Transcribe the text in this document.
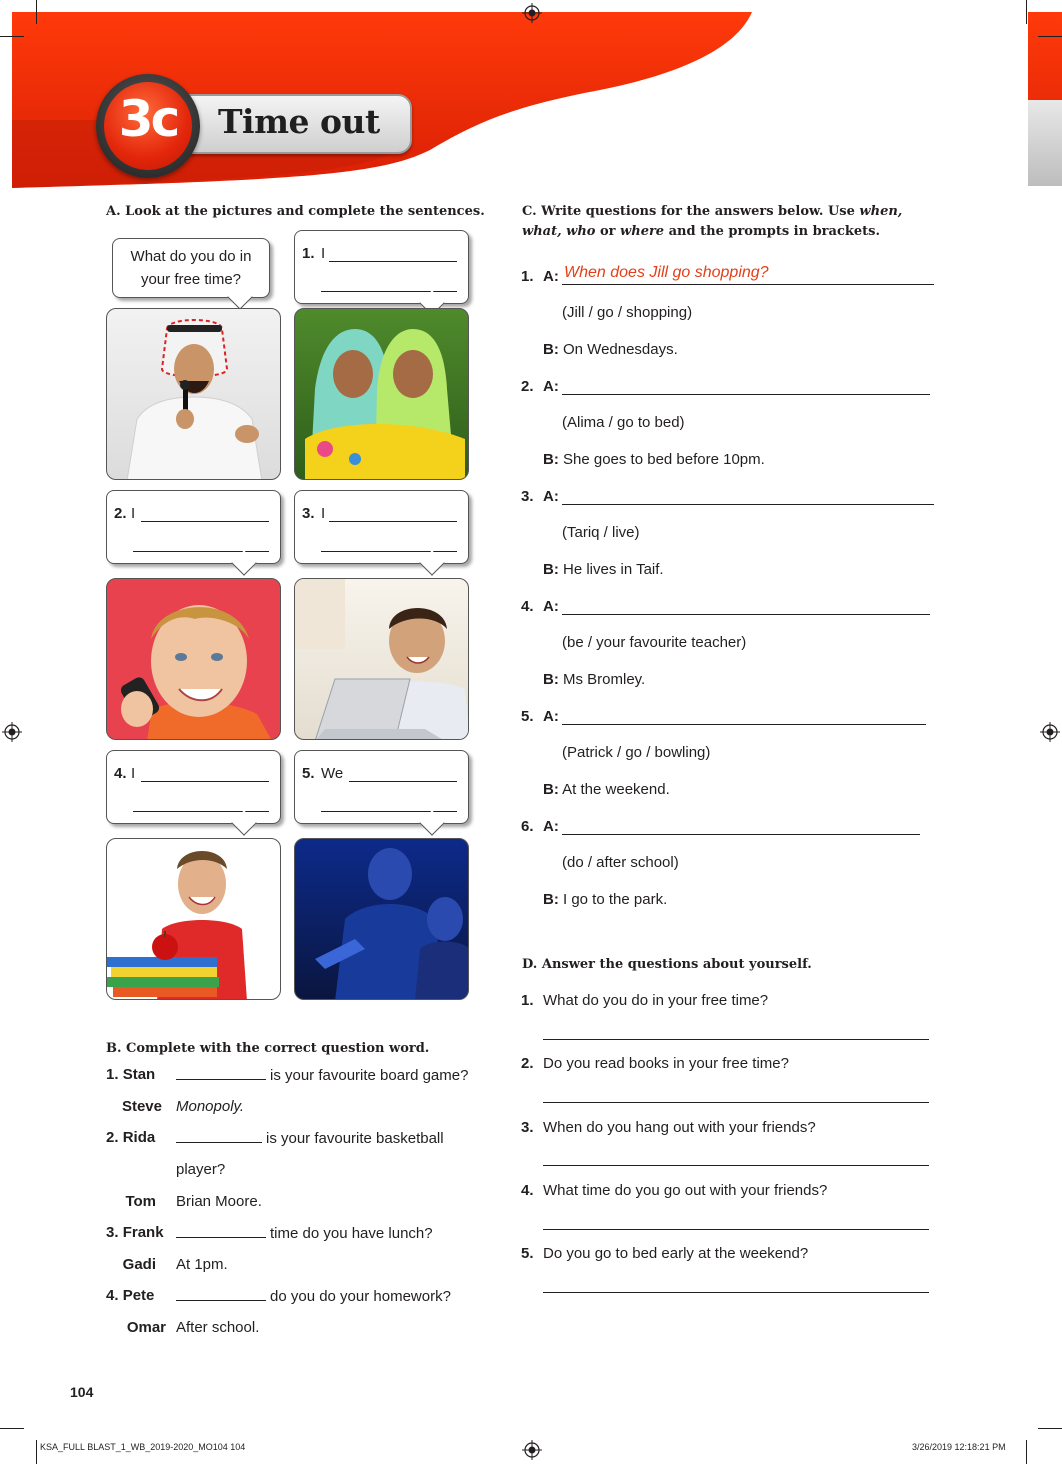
Time out
3c
A. Look at the pictures and complete the sentences.
What do you do in your free time?
1. I
2. I	3. I
4. I	5. We
B. Complete with the correct question word.
1. Stan	is your favourite board game?
Steve Monopoly.
2. Rida	is your favourite basketball
player?
Tom Brian Moore.
3. Frank	time do you have lunch?
Gadi At 1pm.
4. Pete	do you do your homework?
Omar After school.
C. Write questions for the answers below. Use when,
what, who or where and the prompts in brackets.
1. A: When does Jill go shopping?
(Jill / go / shopping)
B: On Wednesdays.
2. A:
(Alima / go to bed)
B: She goes to bed before 10pm.
3. A:
(Tariq / live)
B: He lives in Taif.
4. A:
(be / your favourite teacher)
B: Ms Bromley.
5. A:
(Patrick / go / bowling)
B: At the weekend.
6. A:
(do / after school)
B: I go to the park.
D. Answer the questions about yourself.
1. What do you do in your free time?
2. Do you read books in your free time?
3. When do you hang out with your friends?
4. What time do you go out with your friends?
5. Do you go to bed early at the weekend?
104
KSA_FULL BLAST_1_WB_2019-2020_MO104 104	3/26/2019 12:18:21 PM
